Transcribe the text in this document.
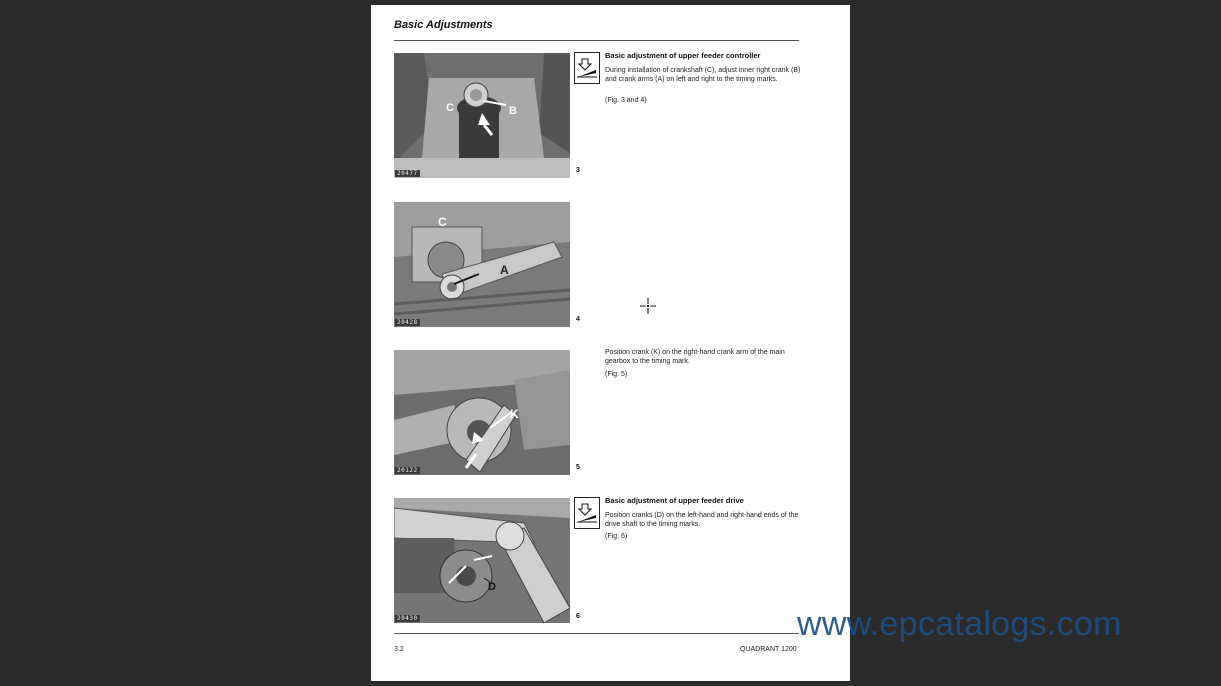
Basic Adjustments
C	B
20477	3
C
A
20428	4
K
20122	5
D
20430	6
Basic adjustment of upper feeder controller
During installation of crankshaft (C), adjust inner right crank (B) and crank arms (A) on left and right to the timing marks.
(Fig. 3 and 4)
Position crank (K) on the right-hand crank arm of the main gearbox to the timing mark.
(Fig. 5)
Basic adjustment of upper feeder drive
Position cranks (D) on the left-hand and right-hand ends of the drive shaft to the timing marks.
(Fig. 6)
3.2	QUADRANT 1200
www.epcatalogs.com
